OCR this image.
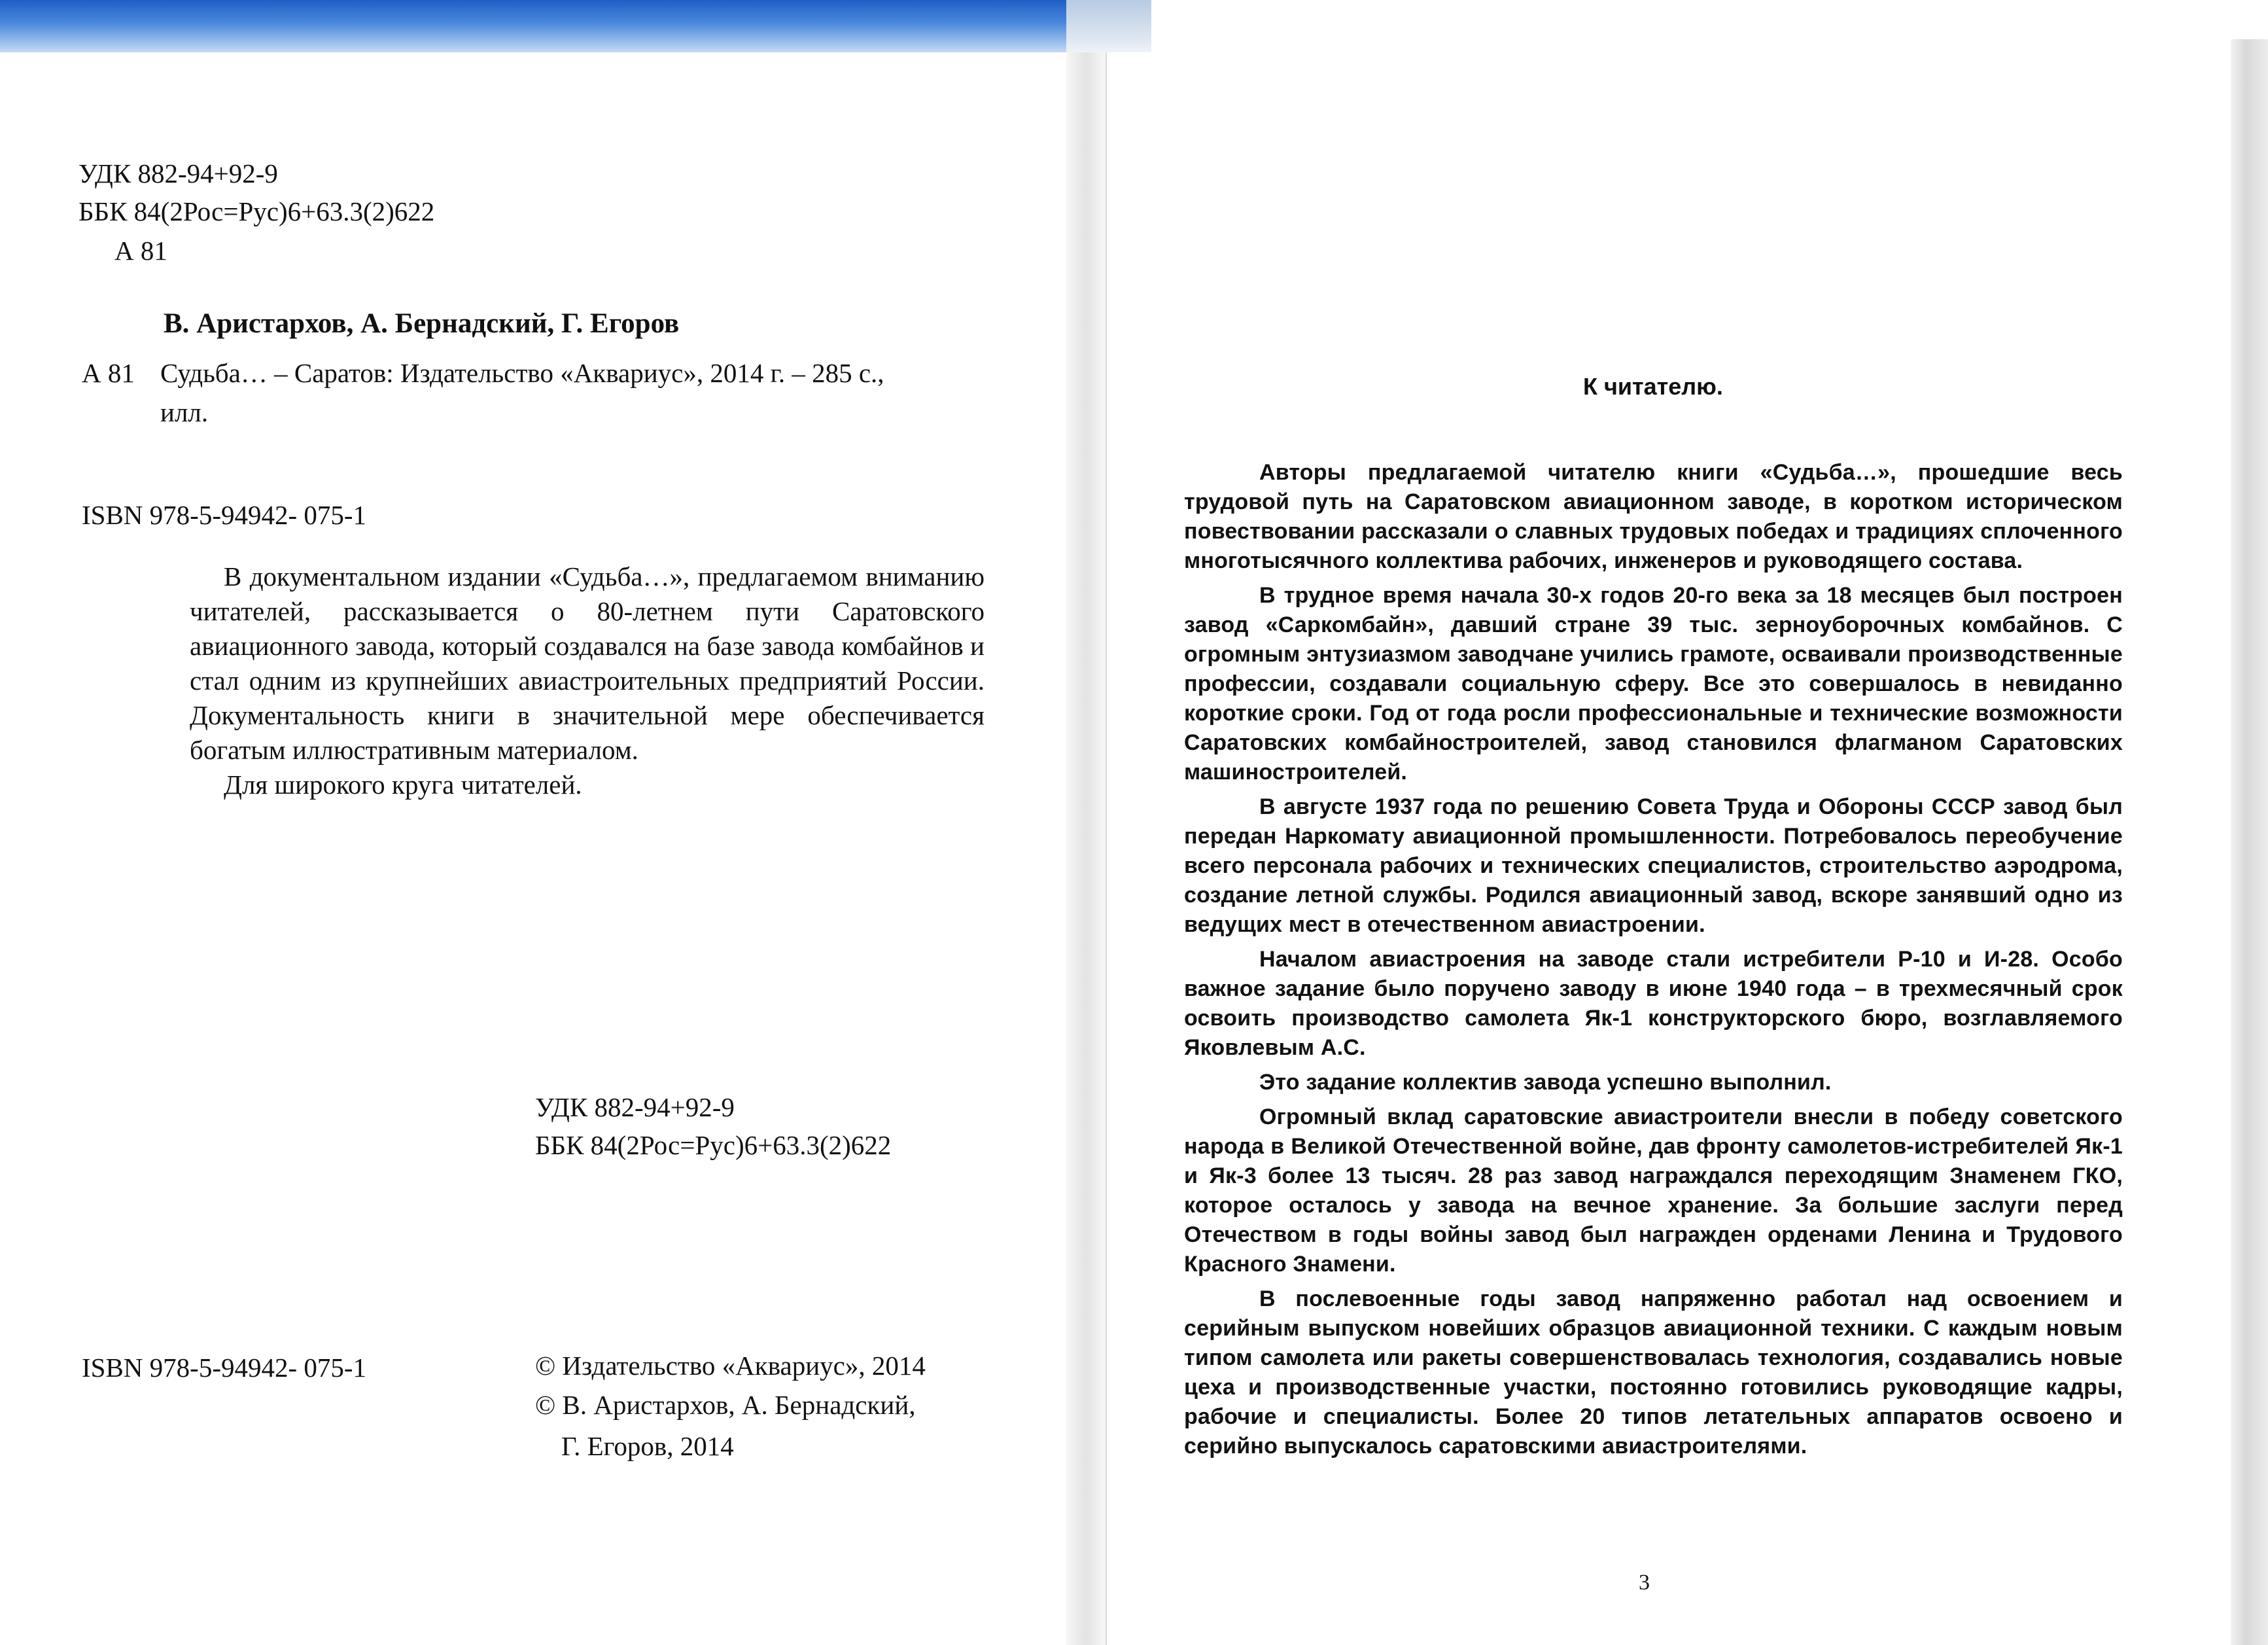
УДК 882-94+92-9
ББК 84(2Рос=Рус)6+63.3(2)622
А 81
В. Аристархов, А. Бернадский, Г. Егоров
А 81 Судьба… – Саратов: Издательство «Аквариус», 2014 г. – 285 с.,
илл.
ISBN 978-5-94942- 075-1

В документальном издании «Судьба…», предлагаемом вниманию читателей, рассказывается о 80-летнем пути Саратовского авиационного завода, который создавался на базе завода комбайнов и стал одним из крупнейших авиастроительных предприятий России. Документальность книги в значительной мере обеспечивается богатым иллюстративным материалом.

Для широкого круга читателей.

УДК 882-94+92-9
ББК 84(2Рос=Рус)6+63.3(2)622
ISBN 978-5-94942- 075-1	© Издательство «Аквариус», 2014
© В. Аристархов, А. Бернадский,
Г. Егоров, 2014
К читателю.

Авторы предлагаемой читателю книги «Судьба…», прошедшие весь трудовой путь на Саратовском авиационном заводе, в коротком историческом повествовании рассказали о славных трудовых победах и традициях сплоченного многотысячного коллектива рабочих, инженеров и руководящего состава.

В трудное время начала 30-х годов 20-го века за 18 месяцев был построен завод «Саркомбайн», давший стране 39 тыс. зерноуборочных комбайнов. С огромным энтузиазмом заводчане учились грамоте, осваивали производственные профессии, создавали социальную сферу. Все это совершалось в невиданно короткие сроки. Год от года росли профессиональные и технические возможности Саратовских комбайностроителей, завод становился флагманом Саратовских машиностроителей.

В августе 1937 года по решению Совета Труда и Обороны СССР завод был передан Наркомату авиационной промышленности. Потребовалось переобучение всего персонала рабочих и технических специалистов, строительство аэродрома, создание летной службы. Родился авиационный завод, вскоре занявший одно из ведущих мест в отечественном авиастроении.

Началом авиастроения на заводе стали истребители Р-10 и И-28. Особо важное задание было поручено заводу в июне 1940 года – в трехмесячный срок освоить производство самолета Як-1 конструкторского бюро, возглавляемого Яковлевым А.С.

Это задание коллектив завода успешно выполнил.

Огромный вклад саратовские авиастроители внесли в победу советского народа в Великой Отечественной войне, дав фронту самолетов-истребителей Як-1 и Як-3 более 13 тысяч. 28 раз завод награждался переходящим Знаменем ГКО, которое осталось у завода на вечное хранение. За большие заслуги перед Отечеством в годы войны завод был награжден орденами Ленина и Трудового Красного Знамени.

В послевоенные годы завод напряженно работал над освоением и серийным выпуском новейших образцов авиационной техники. С каждым новым типом самолета или ракеты совершенствовалась технология, создавались новые цеха и производственные участки, постоянно готовились руководящие кадры, рабочие и специалисты. Более 20 типов летательных аппаратов освоено и серийно выпускалось саратовскими авиастроителями.

3
